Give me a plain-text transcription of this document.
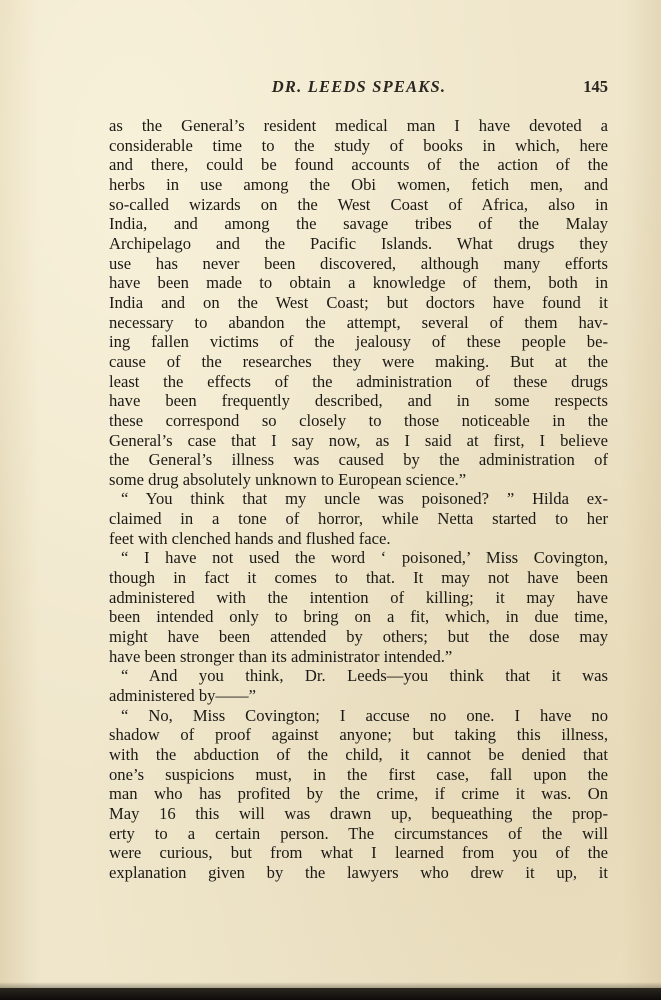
DR. LEEDS SPEAKS.	145
as the General’s resident medical man I have devoted a
considerable time to the study of books in which, here
and there, could be found accounts of the action of the
herbs in use among the Obi women, fetich men, and
so-called wizards on the West Coast of Africa, also in
India, and among the savage tribes of the Malay
Archipelago and the Pacific Islands. What drugs they
use has never been discovered, although many efforts
have been made to obtain a knowledge of them, both in
India and on the West Coast; but doctors have found it
necessary to abandon the attempt, several of them hav-
ing fallen victims of the jealousy of these people be-
cause of the researches they were making. But at the
least the effects of the administration of these drugs
have been frequently described, and in some respects
these correspond so closely to those noticeable in the
General’s case that I say now, as I said at first, I believe
the General’s illness was caused by the administration of
some drug absolutely unknown to European science.”
“ You think that my uncle was poisoned? ” Hilda ex-
claimed in a tone of horror, while Netta started to her
feet with clenched hands and flushed face.
“ I have not used the word ‘ poisoned,’ Miss Covington,
though in fact it comes to that. It may not have been
administered with the intention of killing; it may have
been intended only to bring on a fit, which, in due time,
might have been attended by others; but the dose may
have been stronger than its administrator intended.”
“ And you think, Dr. Leeds—you think that it was
administered by——”
“ No, Miss Covington; I accuse no one. I have no
shadow of proof against anyone; but taking this illness,
with the abduction of the child, it cannot be denied that
one’s suspicions must, in the first case, fall upon the
man who has profited by the crime, if crime it was. On
May 16 this will was drawn up, bequeathing the prop-
erty to a certain person. The circumstances of the will
were curious, but from what I learned from you of the
explanation given by the lawyers who drew it up, it
